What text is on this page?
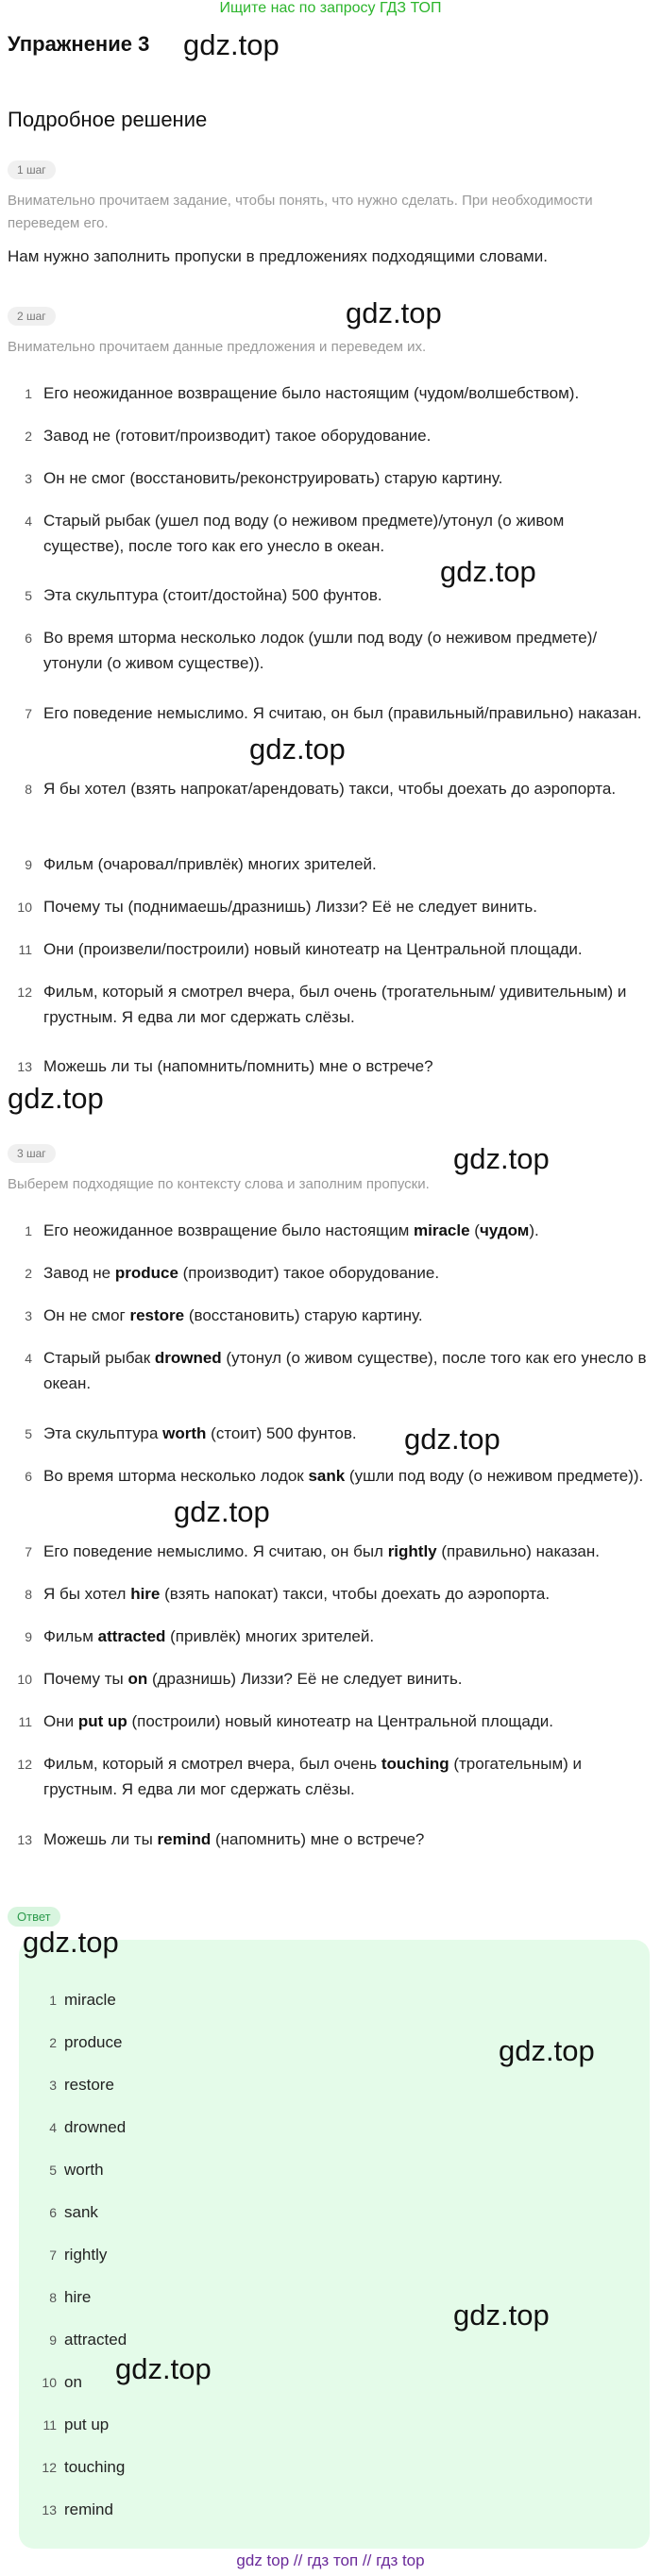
Ищите нас по запросу ГДЗ ТОП
Упражнение 3 gdz.top
Подробное решение
1 шаг
Внимательно прочитаем задание, чтобы понять, что нужно сделать. При необходимости переведем его.
Нам нужно заполнить пропуски в предложениях подходящими словами.
2 шаг	gdz.top
Внимательно прочитаем данные предложения и переведем их.
1 Его неожиданное возвращение было настоящим (чудом/волшебством).
2 Завод не (готовит/производит) такое оборудование.
3 Он не смог (восстановить/реконструировать) старую картину.
4 Старый рыбак (ушел под воду (о неживом предмете)/утонул (о живом существе), после того как его унесло в океан.
5 Эта скульптура (стоит/достойна) 500 фунтов.
6 Во время шторма несколько лодок (ушли под воду (о неживом предмете)/ утонули (о живом существе)).
7 Его поведение немыслимо. Я считаю, он был (правильный/правильно) наказан.
8 Я бы хотел (взять напрокат/арендовать) такси, чтобы доехать до аэропорта.
9 Фильм (очаровал/привлёк) многих зрителей.
10 Почему ты (поднимаешь/дразнишь) Лиззи? Её не следует винить.
11 Они (произвели/построили) новый кинотеатр на Центральной площади.
12 Фильм, который я смотрел вчера, был очень (трогательным/ удивительным) и грустным. Я едва ли мог сдержать слёзы.
13 Можешь ли ты (напомнить/помнить) мне о встрече?
gdz.top
gdz.top
gdz.top
3 шаг	gdz.top
Выберем подходящие по контексту слова и заполним пропуски.
1 Его неожиданное возвращение было настоящим miracle (чудом).
2 Завод не produce (производит) такое оборудование.
3 Он не смог restore (восстановить) старую картину.
4 Старый рыбак drowned (утонул (о живом существе), после того как его унесло в океан.
5 Эта скульптура worth (стоит) 500 фунтов.
6 Во время шторма несколько лодок sank (ушли под воду (о неживом предмете)).
7 Его поведение немыслимо. Я считаю, он был rightly (правильно) наказан.
8 Я бы хотел hire (взять напокат) такси, чтобы доехать до аэропорта.
9 Фильм attracted (привлёк) многих зрителей.
10 Почему ты on (дразнишь) Лиззи? Её не следует винить.
11 Они put up (построили) новый кинотеатр на Центральной площади.
12 Фильм, который я смотрел вчера, был очень touching (трогательным) и грустным. Я едва ли мог сдержать слёзы.
13 Можешь ли ты remind (напомнить) мне о встрече?
gdz.top
gdz.top
Ответ
gdz.top
gdz.top
gdz.top
gdz.top
1 miracle
2 produce
3 restore
4 drowned
5 worth
6 sank
7 rightly
8 hire
9 attracted
10 on
11 put up
12 touching
13 remind
gdz top // гдз топ // гдз top
